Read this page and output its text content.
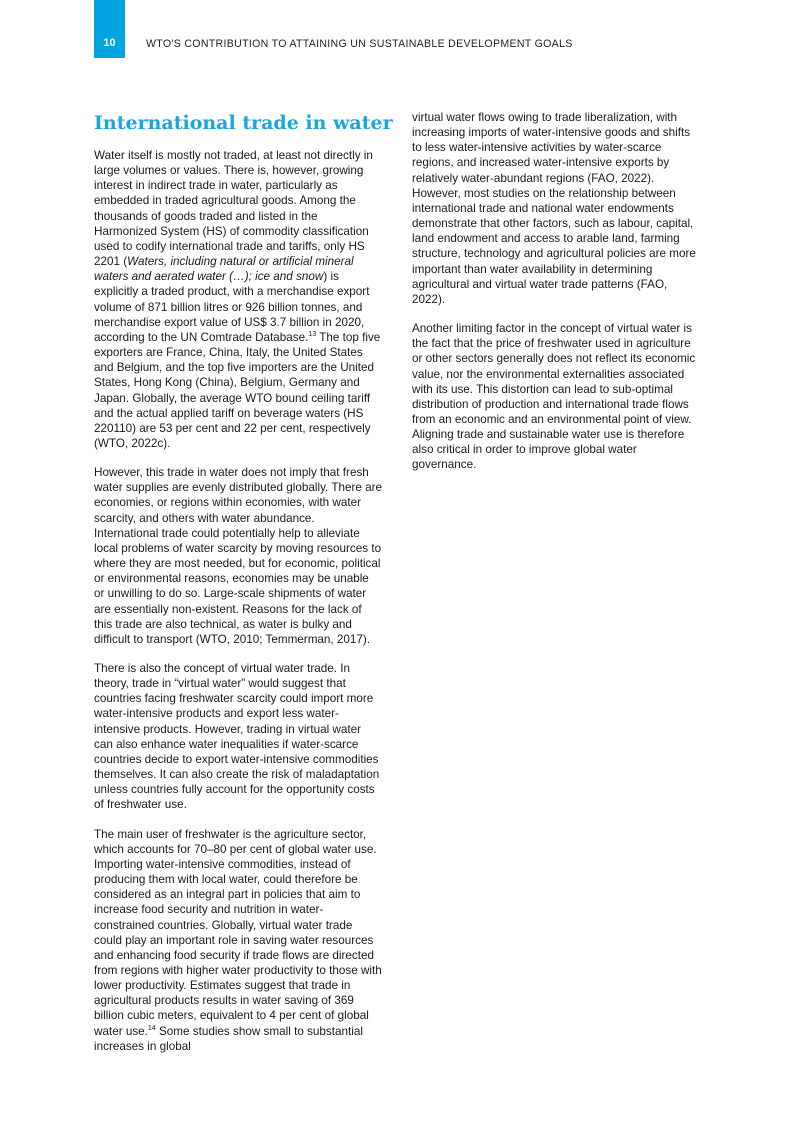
10	WTO'S CONTRIBUTION TO ATTAINING UN SUSTAINABLE DEVELOPMENT GOALS
International trade in water

Water itself is mostly not traded, at least not directly in large volumes or values. There is, however, growing interest in indirect trade in water, particularly as embedded in traded agricultural goods. Among the thousands of goods traded and listed in the Harmonized System (HS) of commodity classification used to codify international trade and tariffs, only HS 2201 (Waters, including natural or artificial mineral waters and aerated water (…); ice and snow) is explicitly a traded product, with a merchandise export volume of 871 billion litres or 926 billion tonnes, and merchandise export value of US$ 3.7 billion in 2020, according to the UN Comtrade Database.$^{13}$ The top five exporters are France, China, Italy, the United States and Belgium, and the top five importers are the United States, Hong Kong (China), Belgium, Germany and Japan. Globally, the average WTO bound ceiling tariff and the actual applied tariff on beverage waters (HS 220110) are 53 per cent and 22 per cent, respectively (WTO, 2022c).

However, this trade in water does not imply that fresh water supplies are evenly distributed globally. There are economies, or regions within economies, with water scarcity, and others with water abundance. International trade could potentially help to alleviate local problems of water scarcity by moving resources to where they are most needed, but for economic, political or environmental reasons, economies may be unable or unwilling to do so. Large-scale shipments of water are essentially non-existent. Reasons for the lack of this trade are also technical, as water is bulky and difficult to transport (WTO, 2010; Temmerman, 2017).

There is also the concept of virtual water trade. In theory, trade in “virtual water” would suggest that countries facing freshwater scarcity could import more water-intensive products and export less water-intensive products. However, trading in virtual water can also enhance water inequalities if water-scarce countries decide to export water-intensive commodities themselves. It can also create the risk of maladaptation unless countries fully account for the opportunity costs of freshwater use.

The main user of freshwater is the agriculture sector, which accounts for 70–80 per cent of global water use. Importing water-intensive commodities, instead of producing them with local water, could therefore be considered as an integral part in policies that aim to increase food security and nutrition in water-constrained countries. Globally, virtual water trade could play an important role in saving water resources and enhancing food security if trade flows are directed from regions with higher water productivity to those with lower productivity. Estimates suggest that trade in agricultural products results in water saving of 369 billion cubic meters, equivalent to 4 per cent of global water use.$^{14}$ Some studies show small to substantial increases in global

virtual water flows owing to trade liberalization, with increasing imports of water-intensive goods and shifts to less water-intensive activities by water-scarce regions, and increased water-intensive exports by relatively water-abundant regions (FAO, 2022). However, most studies on the relationship between international trade and national water endowments demonstrate that other factors, such as labour, capital, land endowment and access to arable land, farming structure, technology and agricultural policies are more important than water availability in determining agricultural and virtual water trade patterns (FAO, 2022).

Another limiting factor in the concept of virtual water is the fact that the price of freshwater used in agriculture or other sectors generally does not reflect its economic value, nor the environmental externalities associated with its use. This distortion can lead to sub-optimal distribution of production and international trade flows from an economic and an environmental point of view. Aligning trade and sustainable water use is therefore also critical in order to improve global water governance.
